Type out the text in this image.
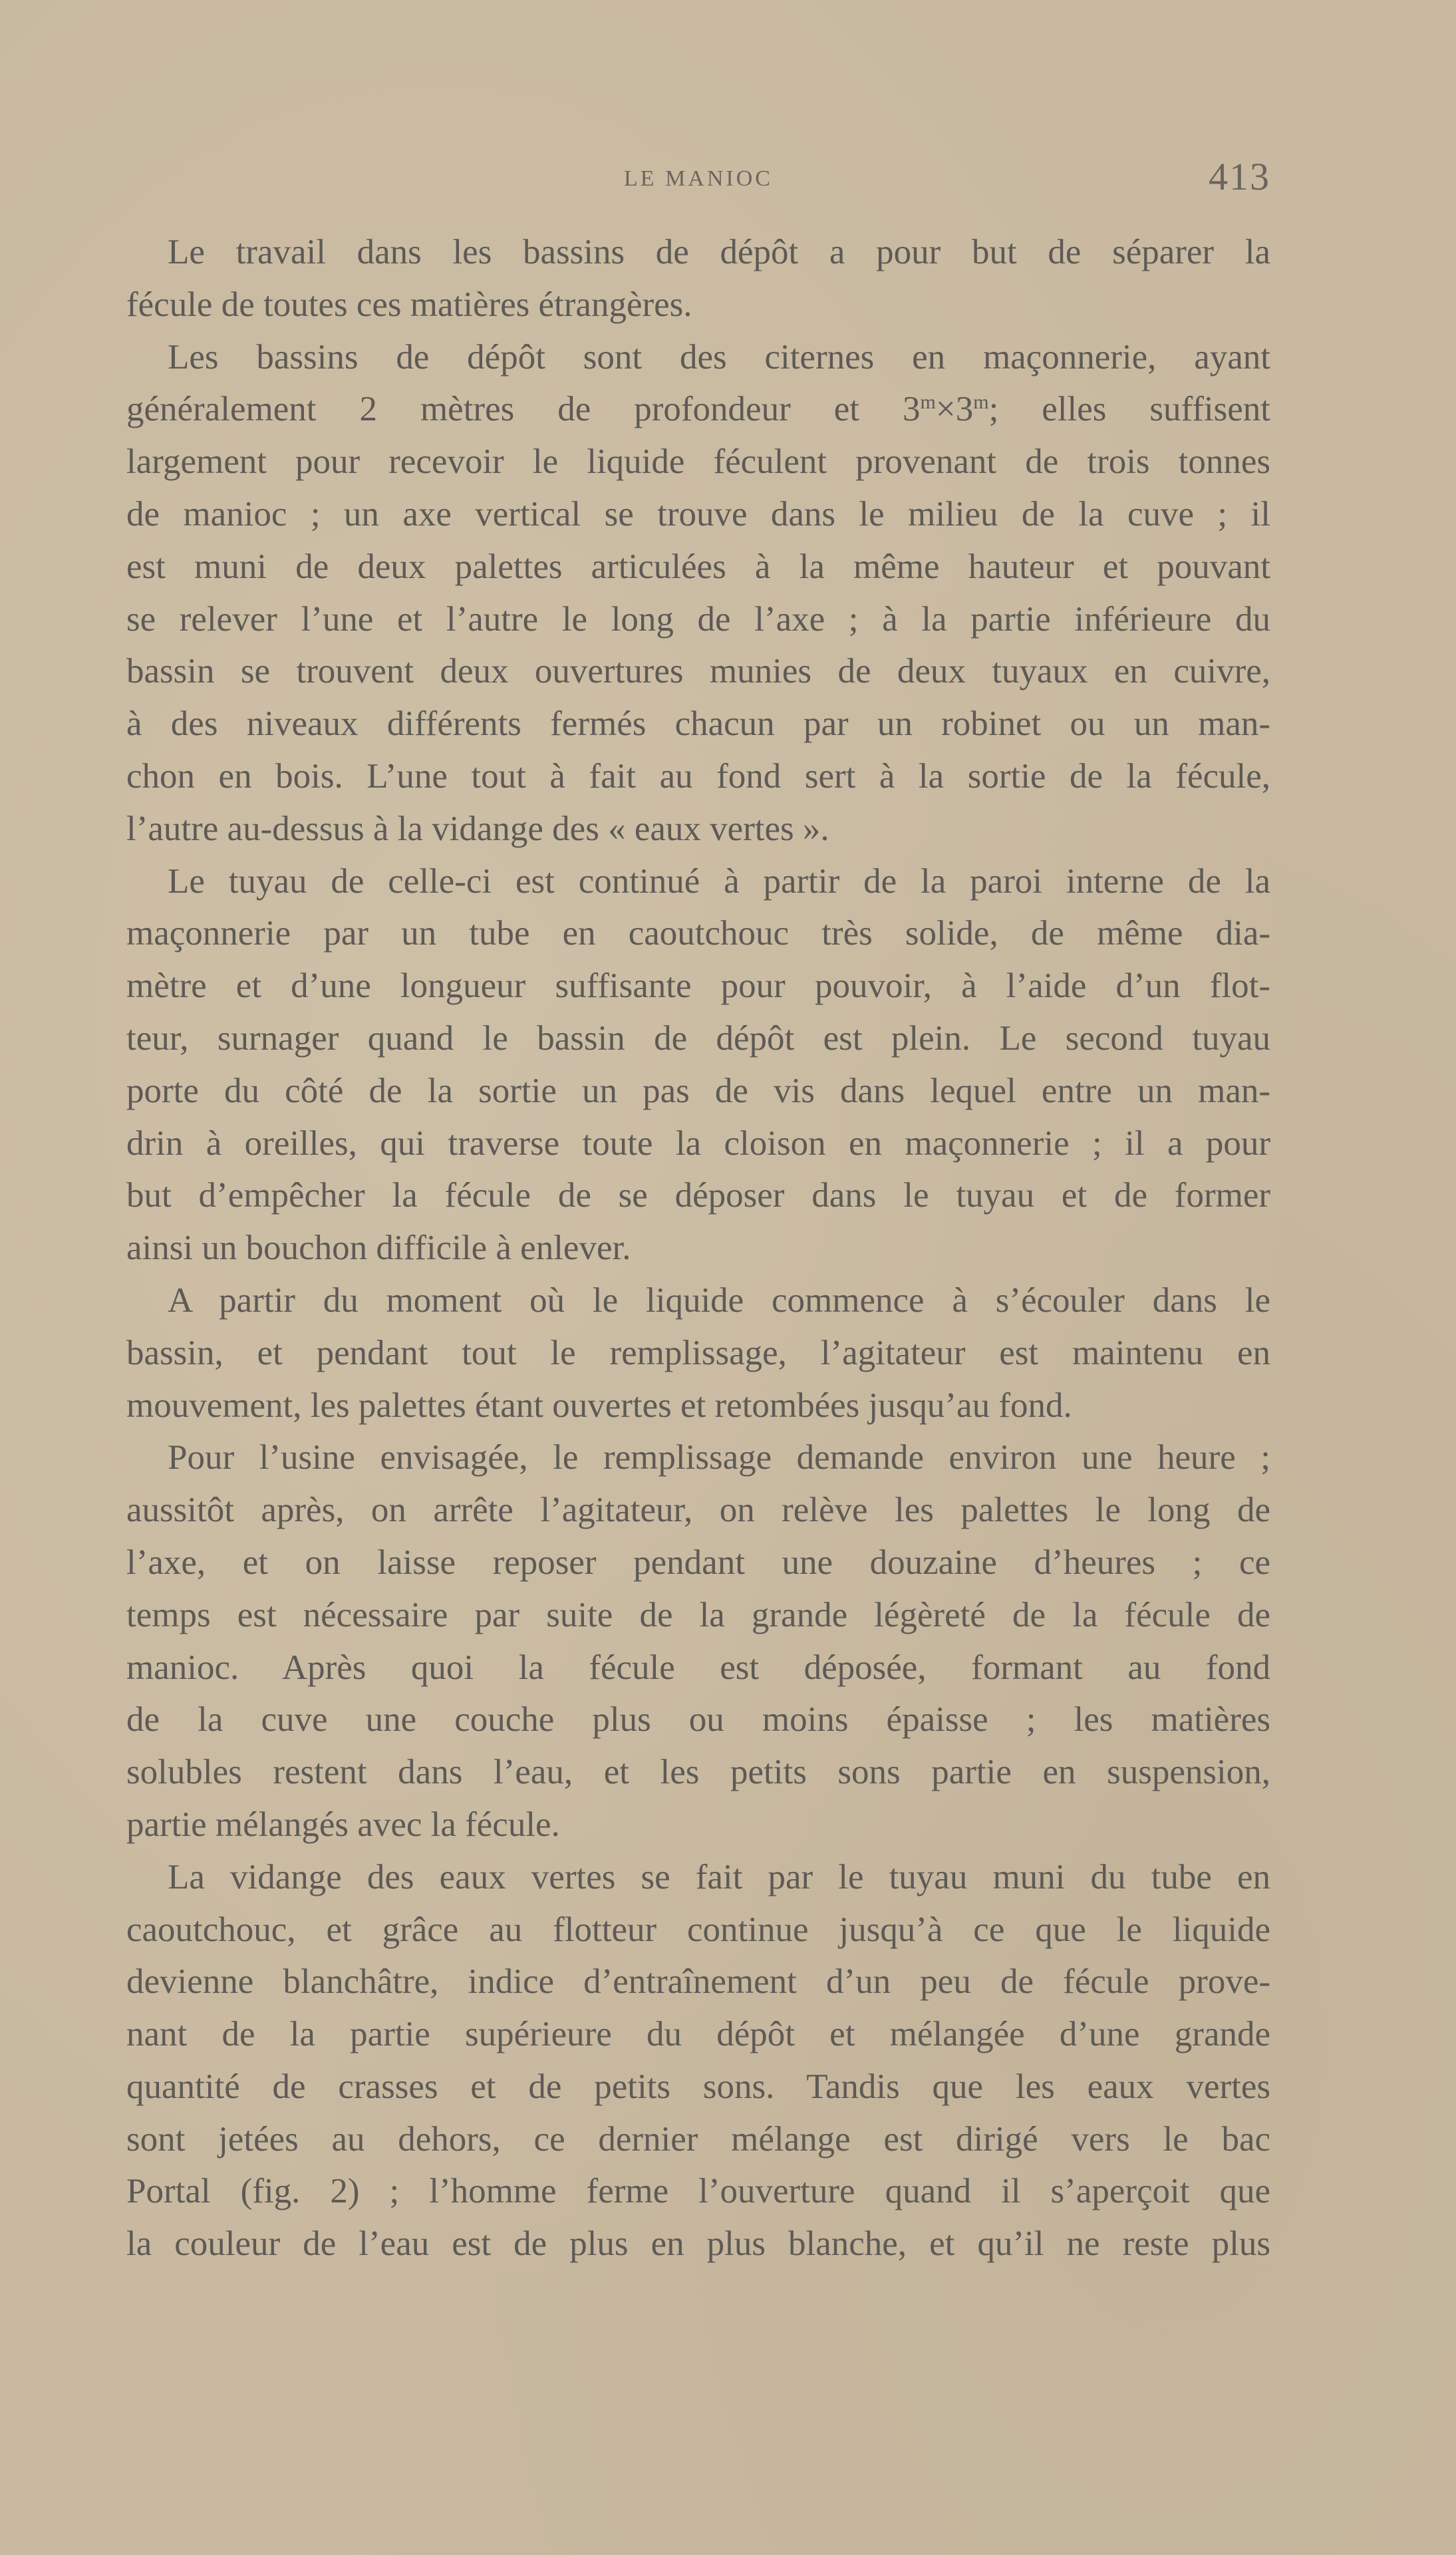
LE MANIOC	413
Le travail dans les bassins de dépôt a pour but de séparer la
fécule de toutes ces matières étrangères.
Les bassins de dépôt sont des citernes en maçonnerie, ayant
généralement 2 mètres de profondeur et $3^m\times 3^m$; elles suffisent
largement pour recevoir le liquide féculent provenant de trois tonnes
de manioc ; un axe vertical se trouve dans le milieu de la cuve ; il
est muni de deux palettes articulées à la même hauteur et pouvant
se relever l’une et l’autre le long de l’axe ; à la partie inférieure du
bassin se trouvent deux ouvertures munies de deux tuyaux en cuivre,
à des niveaux différents fermés chacun par un robinet ou un man-
chon en bois. L’une tout à fait au fond sert à la sortie de la fécule,
l’autre au-dessus à la vidange des « eaux vertes ».
Le tuyau de celle-ci est continué à partir de la paroi interne de la
maçonnerie par un tube en caoutchouc très solide, de même dia-
mètre et d’une longueur suffisante pour pouvoir, à l’aide d’un flot-
teur, surnager quand le bassin de dépôt est plein. Le second tuyau
porte du côté de la sortie un pas de vis dans lequel entre un man-
drin à oreilles, qui traverse toute la cloison en maçonnerie ; il a pour
but d’empêcher la fécule de se déposer dans le tuyau et de former
ainsi un bouchon difficile à enlever.
A partir du moment où le liquide commence à s’écouler dans le
bassin, et pendant tout le remplissage, l’agitateur est maintenu en
mouvement, les palettes étant ouvertes et retombées jusqu’au fond.
Pour l’usine envisagée, le remplissage demande environ une heure ;
aussitôt après, on arrête l’agitateur, on relève les palettes le long de
l’axe, et on laisse reposer pendant une douzaine d’heures ; ce
temps est nécessaire par suite de la grande légèreté de la fécule de
manioc. Après quoi la fécule est déposée, formant au fond
de la cuve une couche plus ou moins épaisse ; les matières
solubles restent dans l’eau, et les petits sons partie en suspension,
partie mélangés avec la fécule.
La vidange des eaux vertes se fait par le tuyau muni du tube en
caoutchouc, et grâce au flotteur continue jusqu’à ce que le liquide
devienne blanchâtre, indice d’entraînement d’un peu de fécule prove-
nant de la partie supérieure du dépôt et mélangée d’une grande
quantité de crasses et de petits sons. Tandis que les eaux vertes
sont jetées au dehors, ce dernier mélange est dirigé vers le bac
Portal (fig. 2) ; l’homme ferme l’ouverture quand il s’aperçoit que
la couleur de l’eau est de plus en plus blanche, et qu’il ne reste plus
